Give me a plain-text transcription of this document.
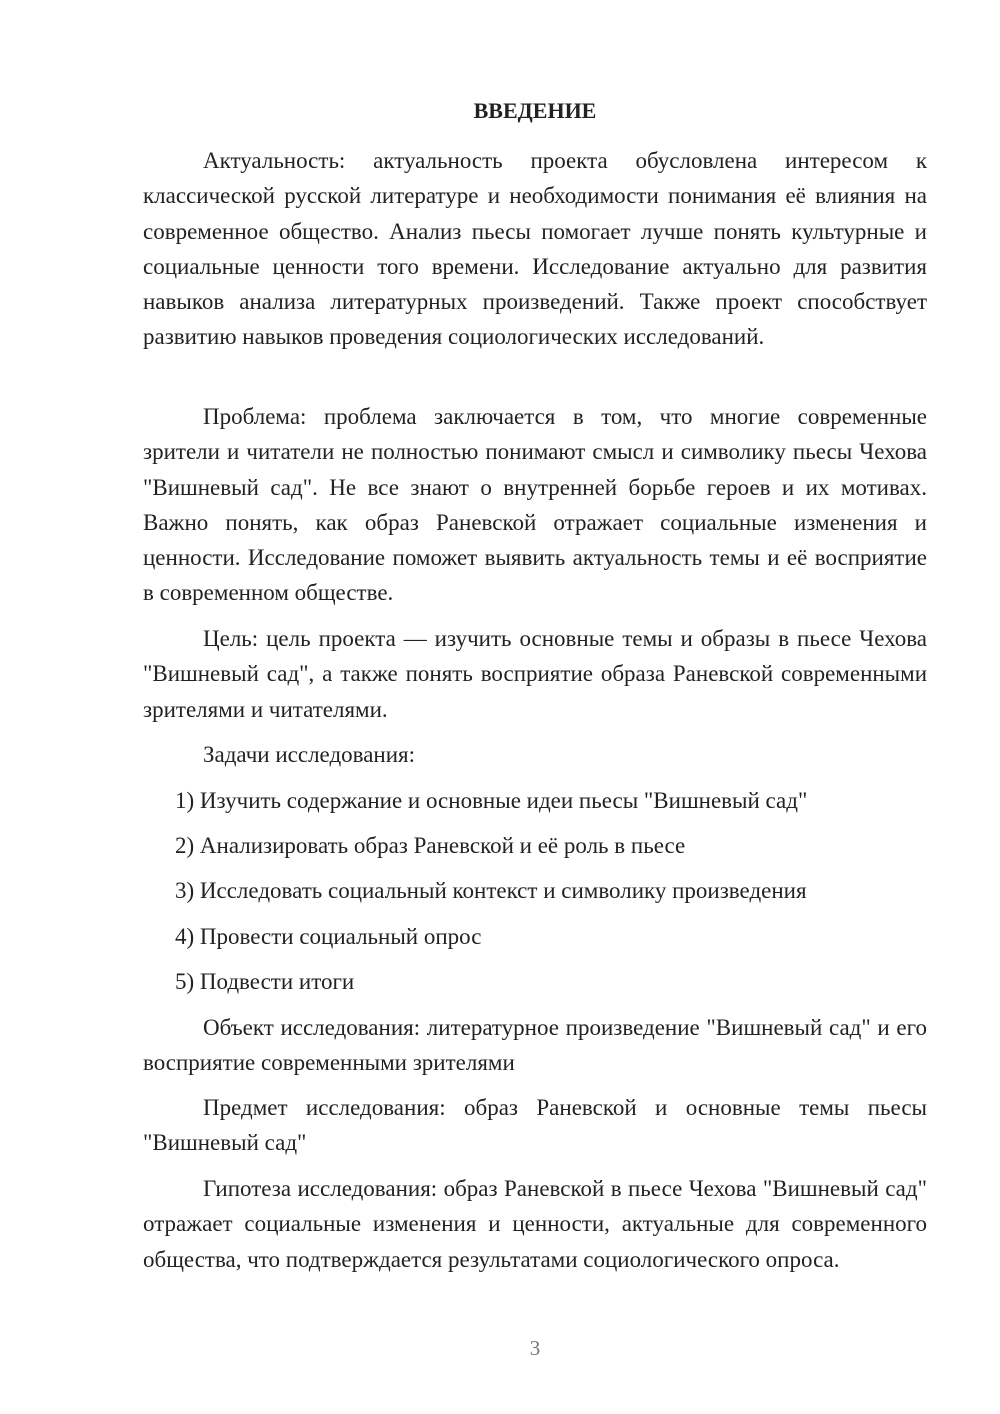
ВВЕДЕНИЕ

Актуальность: актуальность проекта обусловлена интересом к классической русской литературе и необходимости понимания её влияния на современное общество. Анализ пьесы помогает лучше понять культурные и социальные ценности того времени. Исследование актуально для развития навыков анализа литературных произведений. Также проект способствует развитию навыков проведения социологических исследований.

Проблема: проблема заключается в том, что многие современные зрители и читатели не полностью понимают смысл и символику пьесы Чехова "Вишневый сад". Не все знают о внутренней борьбе героев и их мотивах. Важно понять, как образ Раневской отражает социальные изменения и ценности. Исследование поможет выявить актуальность темы и её восприятие в современном обществе.

Цель: цель проекта — изучить основные темы и образы в пьесе Чехова "Вишневый сад", а также понять восприятие образа Раневской современными зрителями и читателями.

Задачи исследования:

1) Изучить содержание и основные идеи пьесы "Вишневый сад"

2) Анализировать образ Раневской и её роль в пьесе

3) Исследовать социальный контекст и символику произведения

4) Провести социальный опрос

5) Подвести итоги

Объект исследования: литературное произведение "Вишневый сад" и его восприятие современными зрителями

Предмет исследования: образ Раневской и основные темы пьесы "Вишневый сад"

Гипотеза исследования: образ Раневской в пьесе Чехова "Вишневый сад" отражает социальные изменения и ценности, актуальные для современного общества, что подтверждается результатами социологического опроса.

3
